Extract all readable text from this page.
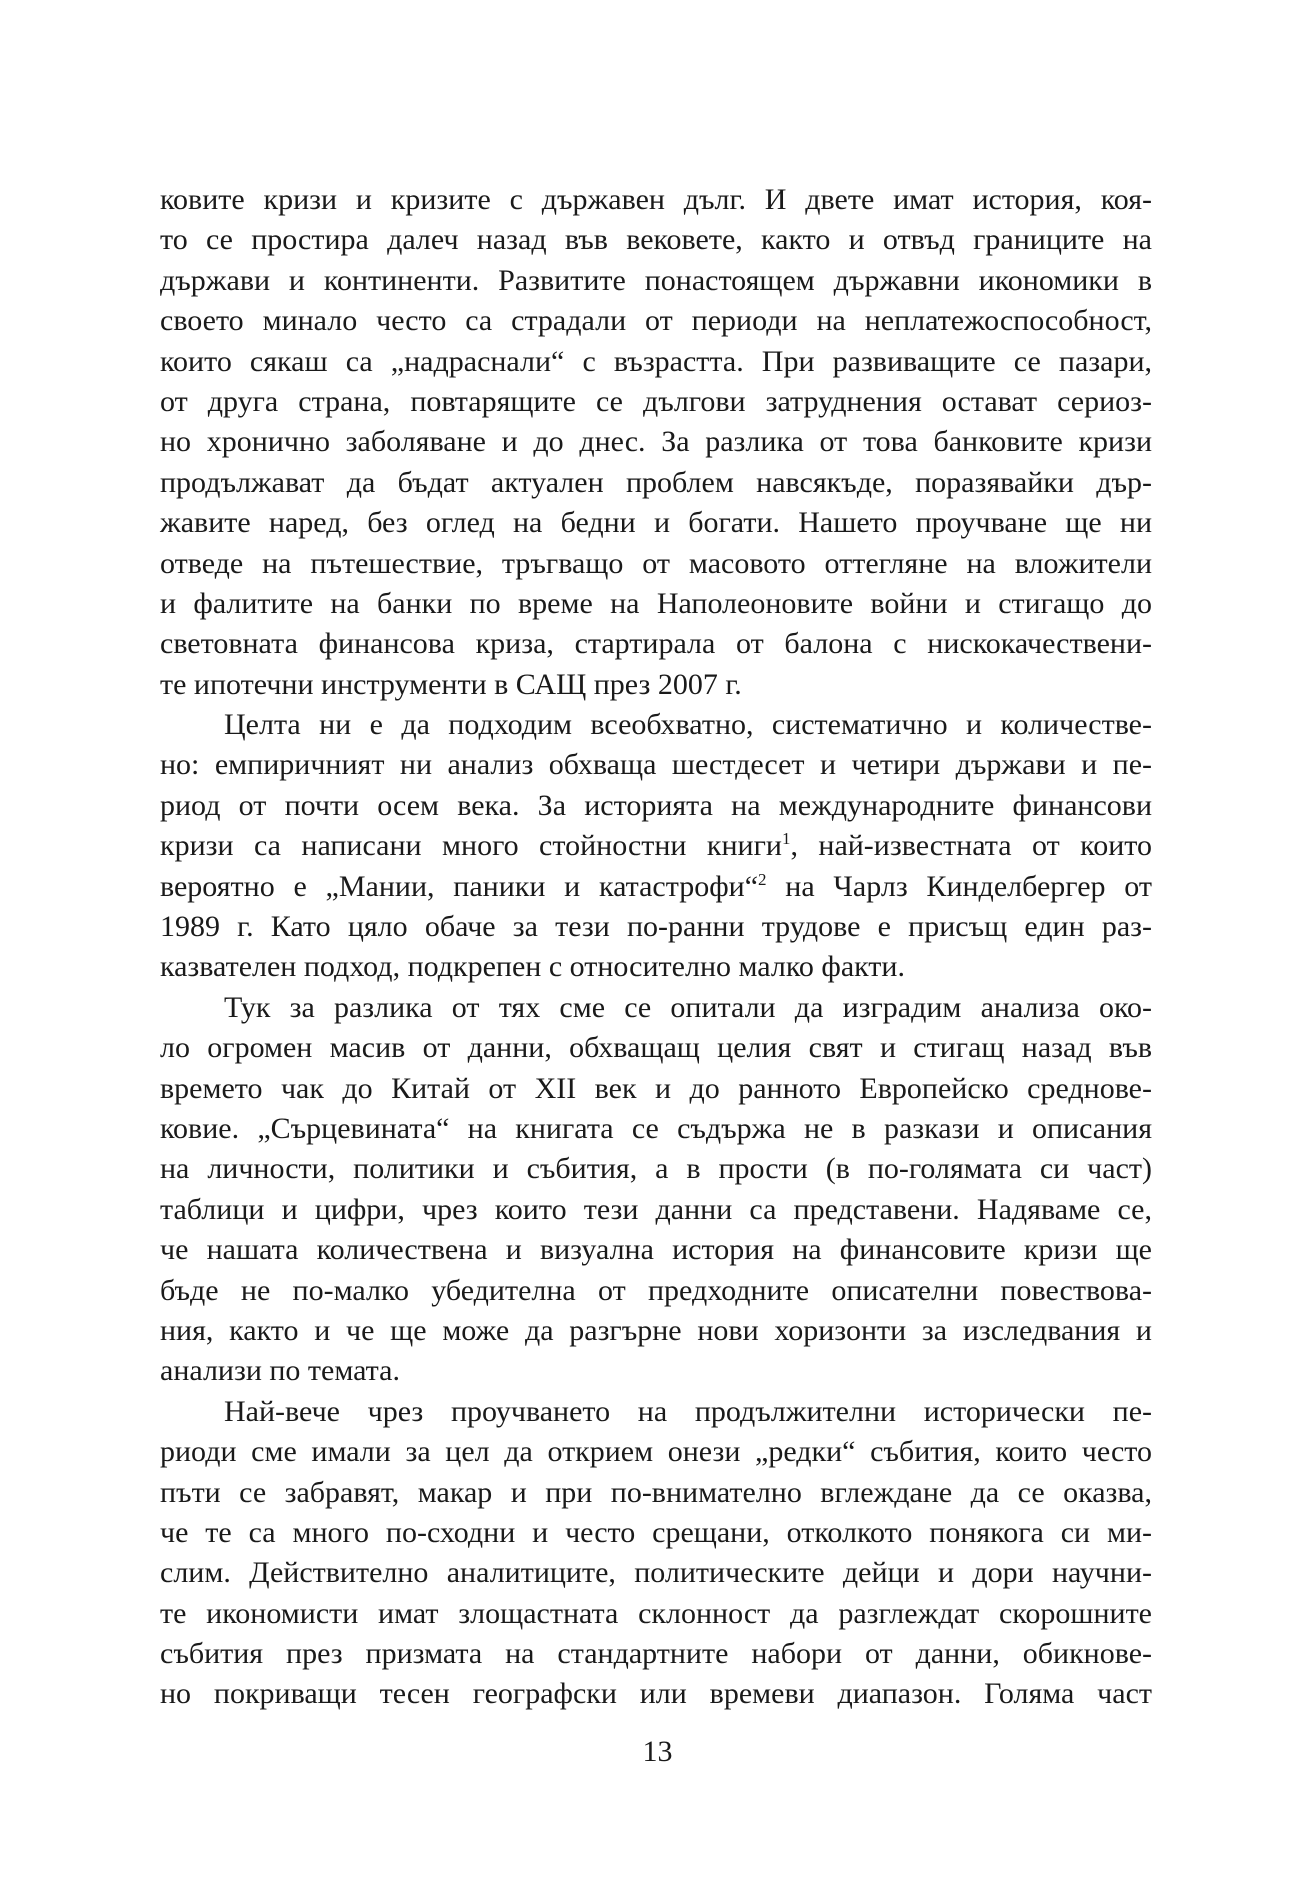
ковите кризи и кризите с държавен дълг. И двете имат история, коя-
то се простира далеч назад във вековете, както и отвъд границите на
държави и континенти. Развитите понастоящем държавни икономики в
своето минало често са страдали от периоди на неплатежоспособност,
които сякаш са „надраснали“ с възрастта. При развиващите се пазари,
от друга страна, повтарящите се дългови затруднения остават сериоз-
но хронично заболяване и до днес. За разлика от това банковите кризи
продължават да бъдат актуален проблем навсякъде, поразявайки дър-
жавите наред, без оглед на бедни и богати. Нашето проучване ще ни
отведе на пътешествие, тръгващо от масовото оттегляне на вложители
и фалитите на банки по време на Наполеоновите войни и стигащо до
световната финансова криза, стартирала от балона с нискокачествени-
те ипотечни инструменти в САЩ през 2007 г.
Целта ни е да подходим всеобхватно, систематично и количестве-
но: емпиричният ни анализ обхваща шестдесет и четири държави и пе-
риод от почти осем века. За историята на международните финансови
кризи са написани много стойностни книги$^1$, най-известната от които
вероятно е „Мании, паники и катастрофи“$^2$ на Чарлз Кинделбергер от
1989 г. Като цяло обаче за тези по-ранни трудове е присъщ един раз-
казвателен подход, подкрепен с относително малко факти.
Тук за разлика от тях сме се опитали да изградим анализа око-
ло огромен масив от данни, обхващащ целия свят и стигащ назад във
времето чак до Китай от XII век и до ранното Европейско среднове-
ковие. „Сърцевината“ на книгата се съдържа не в разкази и описания
на личности, политики и събития, а в прости (в по-голямата си част)
таблици и цифри, чрез които тези данни са представени. Надяваме се,
че нашата количествена и визуална история на финансовите кризи ще
бъде не по-малко убедителна от предходните описателни повествова-
ния, както и че ще може да разгърне нови хоризонти за изследвания и
анализи по темата.
Най-вече чрез проучването на продължителни исторически пе-
риоди сме имали за цел да открием онези „редки“ събития, които често
пъти се забравят, макар и при по-внимателно вглеждане да се оказва,
че те са много по-сходни и често срещани, отколкото понякога си ми-
слим. Действително аналитиците, политическите дейци и дори научни-
те икономисти имат злощастната склонност да разглеждат скорошните
събития през призмата на стандартните набори от данни, обикнове-
но покриващи тесен географски или времеви диапазон. Голяма част
13
